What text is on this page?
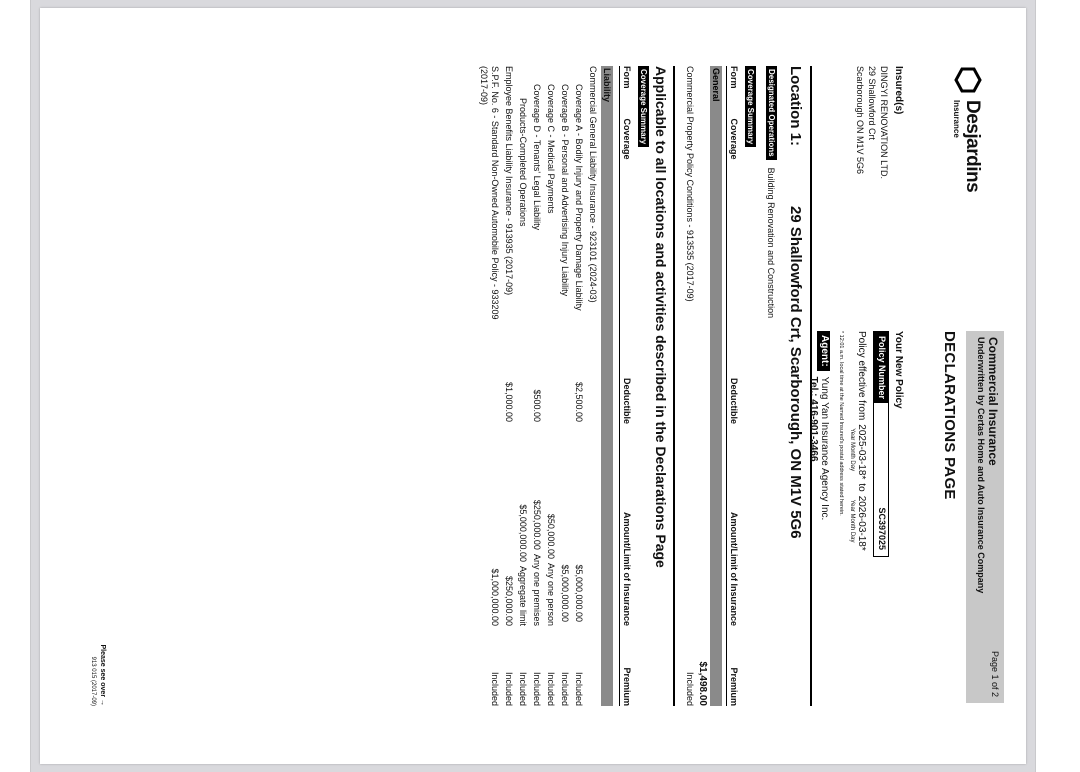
Desjardins
Insurance
Commercial Insurance
Underwritten by Certas Home and Auto Insurance Company
Page 1 of 2
DECLARATIONS PAGE
Insured(s)
DINGYI RENOVATION LTD.
29 Shallowford Crt
Scarborough ON M1V 5G6
Your New Policy
Policy Number
SC397025
Policy effective from
2025-03-18*
Year Month Day
to
2026-03-18*
Year Month Day
* 12:01 a.m. local time at the Named Insured's postal address stated herein.
Agent:
Yung Yan Insurance Agency Inc.
Tel.: 416-901-3466
Location 1:
29 Shallowford Crt, Scarborough, ON M1V 5G6
Designated Operations
Building Renovation and Construction
Coverage Summary
Form            Coverage
Deductible
Amount/Limit of Insurance
Premium
General
$1,498.00
Commercial Property Policy Conditions - 913535 (2017-09)
Included
Applicable to all locations and activities described in the Declarations Page
Coverage Summary
Form            Coverage
Deductible
Amount/Limit of Insurance
Premium
Liability
Commercial General Liability Insurance - 923101 (2024-03)
Coverage A - Bodily Injury and Property Damage Liability
$2,500.00
$5,000,000.00
Included
Coverage B - Personal and Advertising Injury Liability
$5,000,000.00
Included
Coverage C - Medical Payments
$50,000.00
Any one person
Included
Coverage D - Tenants' Legal Liability
$500.00
$250,000.00
Any one premises
Included
Products-Completed Operations
$5,000,000.00
Aggregate limit
Included
Employee Benefits Liability Insurance - 913935 (2017-09)
$1,000.00
$250,000.00
Included
S.P.F. No. 6 - Standard Non-Owned Automobile Policy - 933209 (2017-09)
$1,000,000.00
Included
Please see over →
913 015 (2017-09)
